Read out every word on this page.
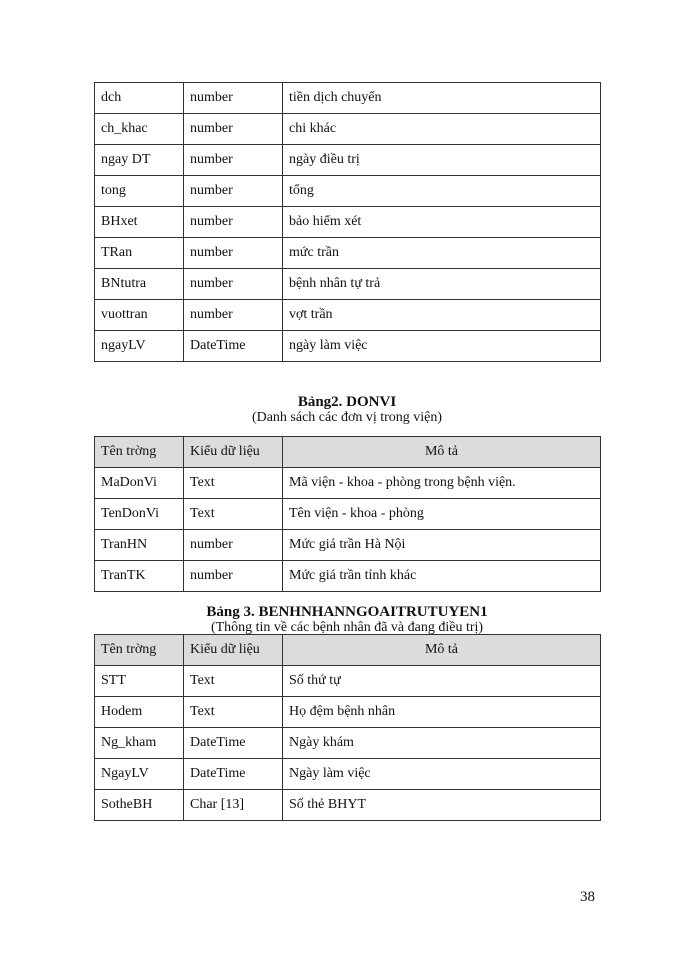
dch	number	tiền dịch chuyển
ch_khac	number	chi khác
ngay DT	number	ngày điều trị
tong	number	tổng
BHxet	number	bảo hiểm xét
TRan	number	mức trần
BNtutra	number	bệnh nhân tự trả
vuottran	number	vợt trần
ngayLV	DateTime	ngày làm việc
Bảng2. DONVI
(Danh sách các đơn vị trong viện)
Tên trờng	Kiểu dữ liệu	Mô tả
MaDonVi	Text	Mã viện - khoa - phòng trong bệnh viện.
TenDonVi	Text	Tên viện - khoa - phòng
TranHN	number	Mức giá trần Hà Nội
TranTK	number	Mức giá trần tỉnh khác
Bảng 3. BENHNHANNGOAITRUTUYEN1
(Thông tin về các bệnh nhân đã và đang điều trị)
Tên trờng	Kiểu dữ liệu	Mô tả
STT	Text	Số thứ tự
Hodem	Text	Họ đệm bệnh nhân
Ng_kham	DateTime	Ngày khám
NgayLV	DateTime	Ngày làm việc
SotheBH	Char [13]	Số thẻ BHYT
38
